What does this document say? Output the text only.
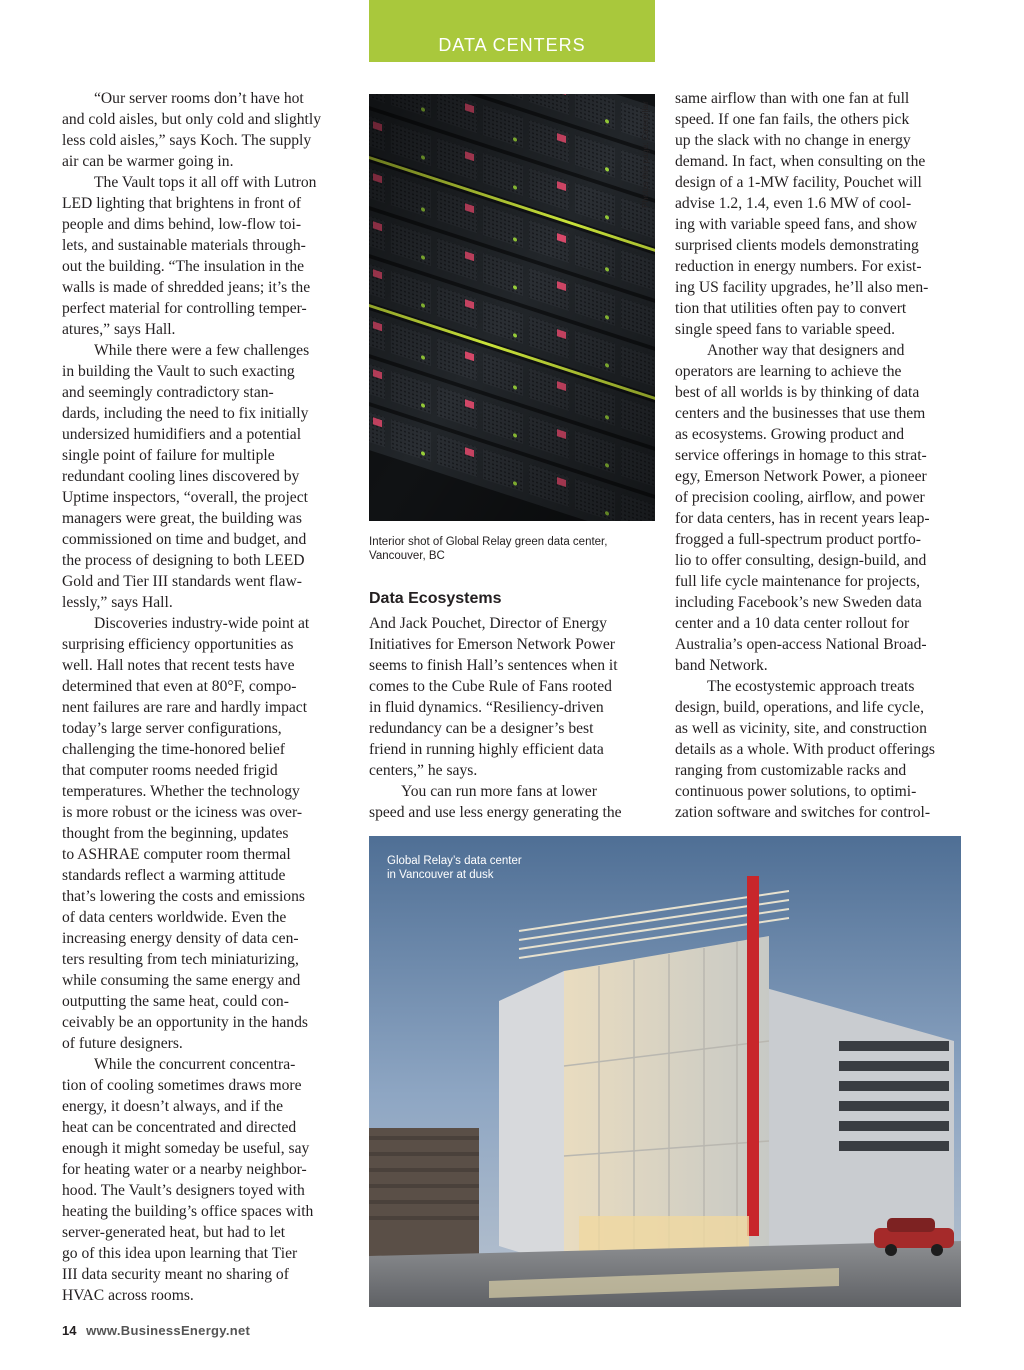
DATA CENTERS

“Our server rooms don’t have hot
and cold aisles, but only cold and slightly
less cold aisles,” says Koch. The supply
air can be warmer going in.

The Vault tops it all off with Lutron
LED lighting that brightens in front of
people and dims behind, low-flow toi-
lets, and sustainable materials through-
out the building. “The insulation in the
walls is made of shredded jeans; it’s the
perfect material for controlling temper-
atures,” says Hall.

While there were a few challenges
in building the Vault to such exacting
and seemingly contradictory stan-
dards, including the need to fix initially
undersized humidifiers and a potential
single point of failure for multiple
redundant cooling lines discovered by
Uptime inspectors, “overall, the project
managers were great, the building was
commissioned on time and budget, and
the process of designing to both LEED
Gold and Tier III standards went flaw-
lessly,” says Hall.

Discoveries industry-wide point at
surprising efficiency opportunities as
well. Hall notes that recent tests have
determined that even at 80°F, compo-
nent failures are rare and hardly impact
today’s large server configurations,
challenging the time-honored belief
that computer rooms needed frigid
temperatures. Whether the technology
is more robust or the iciness was over-
thought from the beginning, updates
to ASHRAE computer room thermal
standards reflect a warming attitude
that’s lowering the costs and emissions
of data centers worldwide. Even the
increasing energy density of data cen-
ters resulting from tech miniaturizing,
while consuming the same energy and
outputting the same heat, could con-
ceivably be an opportunity in the hands
of future designers.

While the concurrent concentra-
tion of cooling sometimes draws more
energy, it doesn’t always, and if the
heat can be concentrated and directed
enough it might someday be useful, say
for heating water or a nearby neighbor-
hood. The Vault’s designers toyed with
heating the building’s office spaces with
server-generated heat, but had to let
go of this idea upon learning that Tier
III data security meant no sharing of
HVAC across rooms.

Photos this page: Caterpillar
Interior shot of Global Relay green data center,
Vancouver, BC
Data Ecosystems

And Jack Pouchet, Director of Energy
Initiatives for Emerson Network Power
seems to finish Hall’s sentences when it
comes to the Cube Rule of Fans rooted
in fluid dynamics. “Resiliency-driven
redundancy can be a designer’s best
friend in running highly efficient data
centers,” he says.

You can run more fans at lower
speed and use less energy generating the

same airflow than with one fan at full
speed. If one fan fails, the others pick
up the slack with no change in energy
demand. In fact, when consulting on the
design of a 1-MW facility, Pouchet will
advise 1.2, 1.4, even 1.6 MW of cool-
ing with variable speed fans, and show
surprised clients models demonstrating
reduction in energy numbers. For exist-
ing US facility upgrades, he’ll also men-
tion that utilities often pay to convert
single speed fans to variable speed.

Another way that designers and
operators are learning to achieve the
best of all worlds is by thinking of data
centers and the businesses that use them
as ecosystems. Growing product and
service offerings in homage to this strat-
egy, Emerson Network Power, a pioneer
of precision cooling, airflow, and power
for data centers, has in recent years leap-
frogged a full-spectrum product portfo-
lio to offer consulting, design-build, and
full life cycle maintenance for projects,
including Facebook’s new Sweden data
center and a 10 data center rollout for
Australia’s open-access National Broad-
band Network.

The ecostystemic approach treats
design, build, operations, and life cycle,
as well as vicinity, site, and construction
details as a whole. With product offerings
ranging from customizable racks and
continuous power solutions, to optimi-
zation software and switches for control-

Global Relay’s data center
in Vancouver at dusk
14 www.BusinessEnergy.net
